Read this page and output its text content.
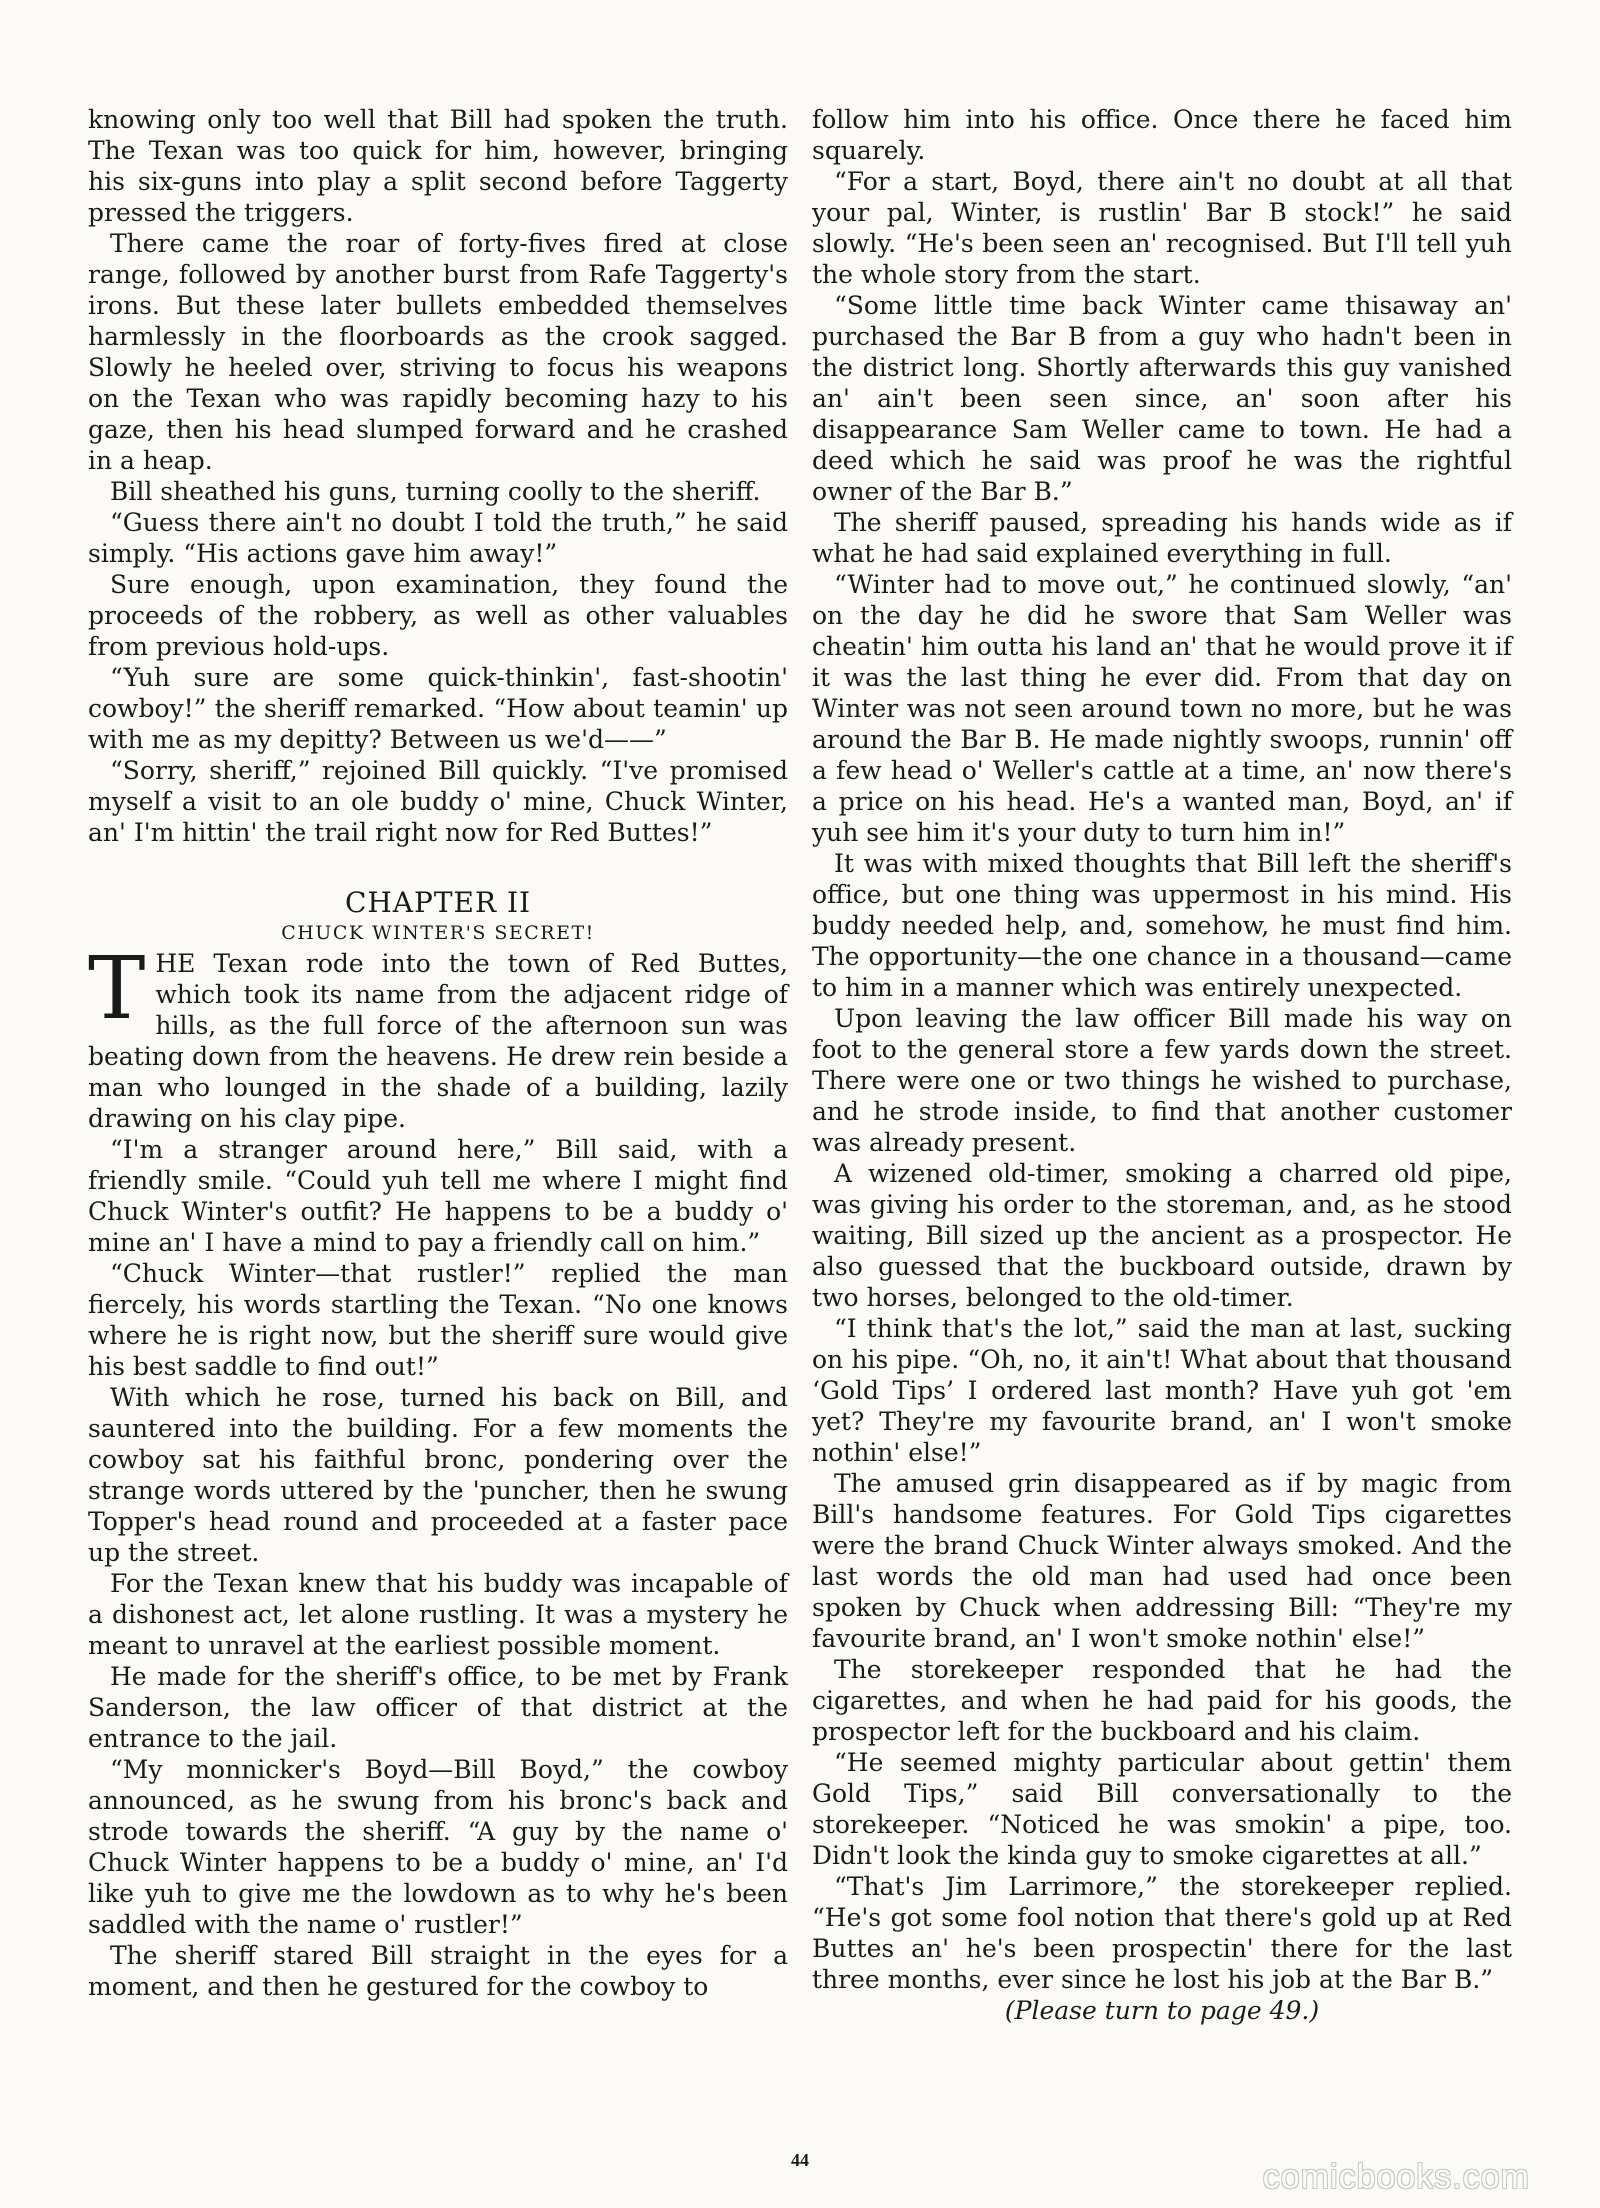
knowing only too well that Bill had spoken the truth. The Texan was too quick for him, however, bringing his six-guns into play a split second before Taggerty pressed the triggers.

There came the roar of forty-fives fired at close range, followed by another burst from Rafe Taggerty's irons. But these later bullets embedded themselves harmlessly in the floorboards as the crook sagged. Slowly he heeled over, striving to focus his weapons on the Texan who was rapidly becoming hazy to his gaze, then his head slumped forward and he crashed in a heap.

Bill sheathed his guns, turning coolly to the sheriff.

“Guess there ain't no doubt I told the truth,” he said simply. “His actions gave him away!”

Sure enough, upon examination, they found the proceeds of the robbery, as well as other valuables from previous hold-ups.

“Yuh sure are some quick-thinkin', fast-shootin' cowboy!” the sheriff remarked. “How about teamin' up with me as my depitty? Between us we'd——”

“Sorry, sheriff,” rejoined Bill quickly. “I've promised myself a visit to an ole buddy o' mine, Chuck Winter, an' I'm hittin' the trail right now for Red Buttes!”

CHAPTER II
CHUCK WINTER'S SECRET!

THE Texan rode into the town of Red Buttes, which took its name from the adjacent ridge of hills, as the full force of the afternoon sun was beating down from the heavens. He drew rein beside a man who lounged in the shade of a building, lazily drawing on his clay pipe.

“I'm a stranger around here,” Bill said, with a friendly smile. “Could yuh tell me where I might find Chuck Winter's outfit? He happens to be a buddy o' mine an' I have a mind to pay a friendly call on him.”

“Chuck Winter—that rustler!” replied the man fiercely, his words startling the Texan. “No one knows where he is right now, but the sheriff sure would give his best saddle to find out!”

With which he rose, turned his back on Bill, and sauntered into the building. For a few moments the cowboy sat his faithful bronc, pondering over the strange words uttered by the 'puncher, then he swung Topper's head round and proceeded at a faster pace up the street.

For the Texan knew that his buddy was incapable of a dishonest act, let alone rustling. It was a mystery he meant to unravel at the earliest possible moment.

He made for the sheriff's office, to be met by Frank Sanderson, the law officer of that district at the entrance to the jail.

“My monnicker's Boyd—Bill Boyd,” the cowboy announced, as he swung from his bronc's back and strode towards the sheriff. “A guy by the name o' Chuck Winter happens to be a buddy o' mine, an' I'd like yuh to give me the lowdown as to why he's been saddled with the name o' rustler!”

The sheriff stared Bill straight in the eyes for a moment, and then he gestured for the cowboy to

follow him into his office. Once there he faced him squarely.

“For a start, Boyd, there ain't no doubt at all that your pal, Winter, is rustlin' Bar B stock!” he said slowly. “He's been seen an' recognised. But I'll tell yuh the whole story from the start.

“Some little time back Winter came thisaway an' purchased the Bar B from a guy who hadn't been in the district long. Shortly afterwards this guy vanished an' ain't been seen since, an' soon after his disappearance Sam Weller came to town. He had a deed which he said was proof he was the rightful owner of the Bar B.”

The sheriff paused, spreading his hands wide as if what he had said explained everything in full.

“Winter had to move out,” he continued slowly, “an' on the day he did he swore that Sam Weller was cheatin' him outta his land an' that he would prove it if it was the last thing he ever did. From that day on Winter was not seen around town no more, but he was around the Bar B. He made nightly swoops, runnin' off a few head o' Weller's cattle at a time, an' now there's a price on his head. He's a wanted man, Boyd, an' if yuh see him it's your duty to turn him in!”

It was with mixed thoughts that Bill left the sheriff's office, but one thing was uppermost in his mind. His buddy needed help, and, somehow, he must find him. The opportunity—the one chance in a thousand—came to him in a manner which was entirely unexpected.

Upon leaving the law officer Bill made his way on foot to the general store a few yards down the street. There were one or two things he wished to purchase, and he strode inside, to find that another customer was already present.

A wizened old-timer, smoking a charred old pipe, was giving his order to the storeman, and, as he stood waiting, Bill sized up the ancient as a prospector. He also guessed that the buckboard outside, drawn by two horses, belonged to the old-timer.

“I think that's the lot,” said the man at last, sucking on his pipe. “Oh, no, it ain't! What about that thousand ‘Gold Tips’ I ordered last month? Have yuh got 'em yet? They're my favourite brand, an' I won't smoke nothin' else!”

The amused grin disappeared as if by magic from Bill's handsome features. For Gold Tips cigarettes were the brand Chuck Winter always smoked. And the last words the old man had used had once been spoken by Chuck when addressing Bill: “They're my favourite brand, an' I won't smoke nothin' else!”

The storekeeper responded that he had the cigarettes, and when he had paid for his goods, the prospector left for the buckboard and his claim.

“He seemed mighty particular about gettin' them Gold Tips,” said Bill conversationally to the storekeeper. “Noticed he was smokin' a pipe, too. Didn't look the kinda guy to smoke cigarettes at all.”

“That's Jim Larrimore,” the storekeeper replied. “He's got some fool notion that there's gold up at Red Buttes an' he's been prospectin' there for the last three months, ever since he lost his job at the Bar B.”

(Please turn to page 49.)

44	comicbooks.com
